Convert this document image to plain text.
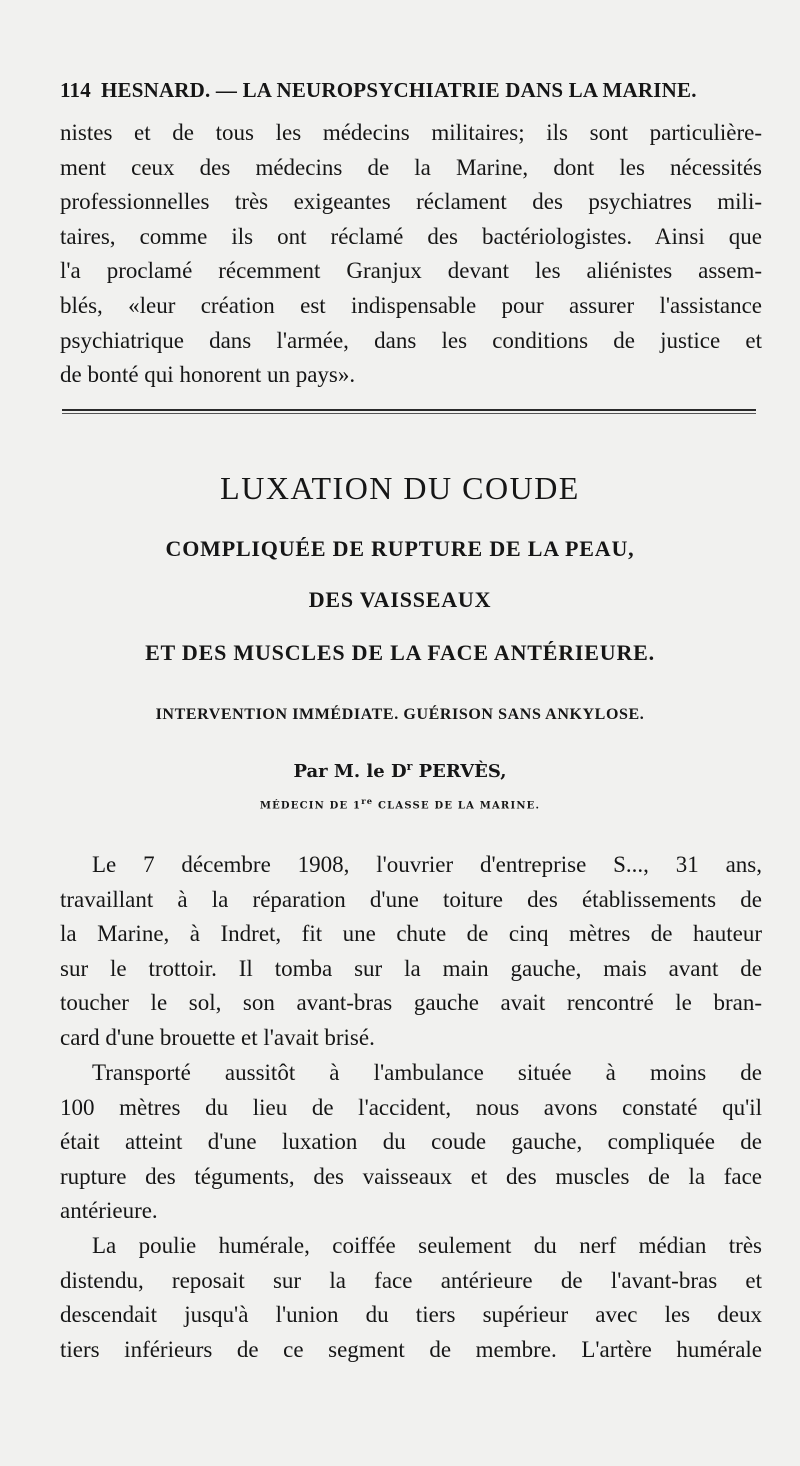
114 HESNARD. — LA NEUROPSYCHIATRIE DANS LA MARINE.
nistes et de tous les médecins militaires; ils sont particulière-
ment ceux des médecins de la Marine, dont les nécessités
professionnelles très exigeantes réclament des psychiatres mili-
taires, comme ils ont réclamé des bactériologistes. Ainsi que
l'a proclamé récemment Granjux devant les aliénistes assem-
blés, «leur création est indispensable pour assurer l'assistance
psychiatrique dans l'armée, dans les conditions de justice et
de bonté qui honorent un pays».
LUXATION DU COUDE
COMPLIQUÉE DE RUPTURE DE LA PEAU,
DES VAISSEAUX
ET DES MUSCLES DE LA FACE ANTÉRIEURE.
INTERVENTION IMMÉDIATE. GUÉRISON SANS ANKYLOSE.
Par M. le $D^r$ PERVÈS,
MÉDECIN DE 1re CLASSE DE LA MARINE.
Le 7 décembre 1908, l'ouvrier d'entreprise S..., 31 ans,
travaillant à la réparation d'une toiture des établissements de
la Marine, à Indret, fit une chute de cinq mètres de hauteur
sur le trottoir. Il tomba sur la main gauche, mais avant de
toucher le sol, son avant-bras gauche avait rencontré le bran-
card d'une brouette et l'avait brisé.
Transporté aussitôt à l'ambulance située à moins de
100 mètres du lieu de l'accident, nous avons constaté qu'il
était atteint d'une luxation du coude gauche, compliquée de
rupture des téguments, des vaisseaux et des muscles de la face
antérieure.
La poulie humérale, coiffée seulement du nerf médian très
distendu, reposait sur la face antérieure de l'avant-bras et
descendait jusqu'à l'union du tiers supérieur avec les deux
tiers inférieurs de ce segment de membre. L'artère humérale
